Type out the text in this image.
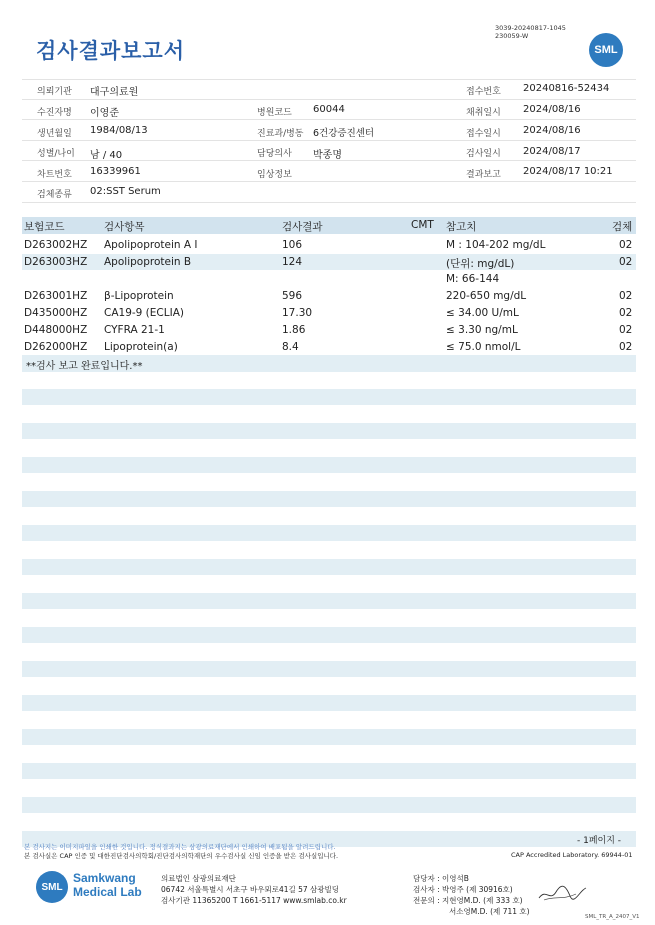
검사결과보고서
3039-20240817-1045
230059-W
SML
의뢰기관 대구의료원	접수번호 20240816-52434
수진자명 이영준	병원코드 60044	채취일시 2024/08/16
생년월일 1984/08/13	진료과/병동 6건강증진센터	접수일시 2024/08/16
성별/나이 남 / 40	담당의사 박종명	검사일시 2024/08/17
차트번호 16339961	임상정보	결과보고 2024/08/17 10:21
검체종류 02:SST Serum
보험코드	검사항목	검사결과	CMT 참고치	검체
D263002HZ Apolipoprotein A I	106	M : 104-202 mg/dL	02
D263003HZ Apolipoprotein B	124	(단위: mg/dL)	02
M: 66-144
D263001HZ β-Lipoprotein	596	220-650 mg/dL	02
D435000HZ CA19-9 (ECLIA)	17.30	≤ 34.00 U/mL	02
D448000HZ CYFRA 21-1	1.86	≤ 3.30 ng/mL	02
D262000HZ Lipoprotein(a)	8.4	≤ 75.0 nmol/L	02
**검사 보고 완료입니다.**
- 1페이지 -
본 검사지는 이미지파일을 인쇄한 것입니다. 정식결과지는 삼광의료재단에서 인쇄하여 배포됨을 알려드립니다.
본 검사실은 CAP 인증 및 대한진단검사의학회/진단검사의학재단의 우수검사실 신임 인증을 받은 검사실입니다.	CAP Accredited Laboratory. 69944-01
SML
Samkwang
Medical Lab
의료법인 삼광의료재단
06742 서울특별시 서초구 바우뫼로41길 57 삼광빌딩
검사기관 11365200 T 1661-5117 www.smlab.co.kr
담당자 : 이영석B
검사자 : 박영주 (제 30916호)
전문의 : 지현영M.D. (제 333 호)
서소영M.D. (제 711 호)
SML_TR_A_2407_V1
